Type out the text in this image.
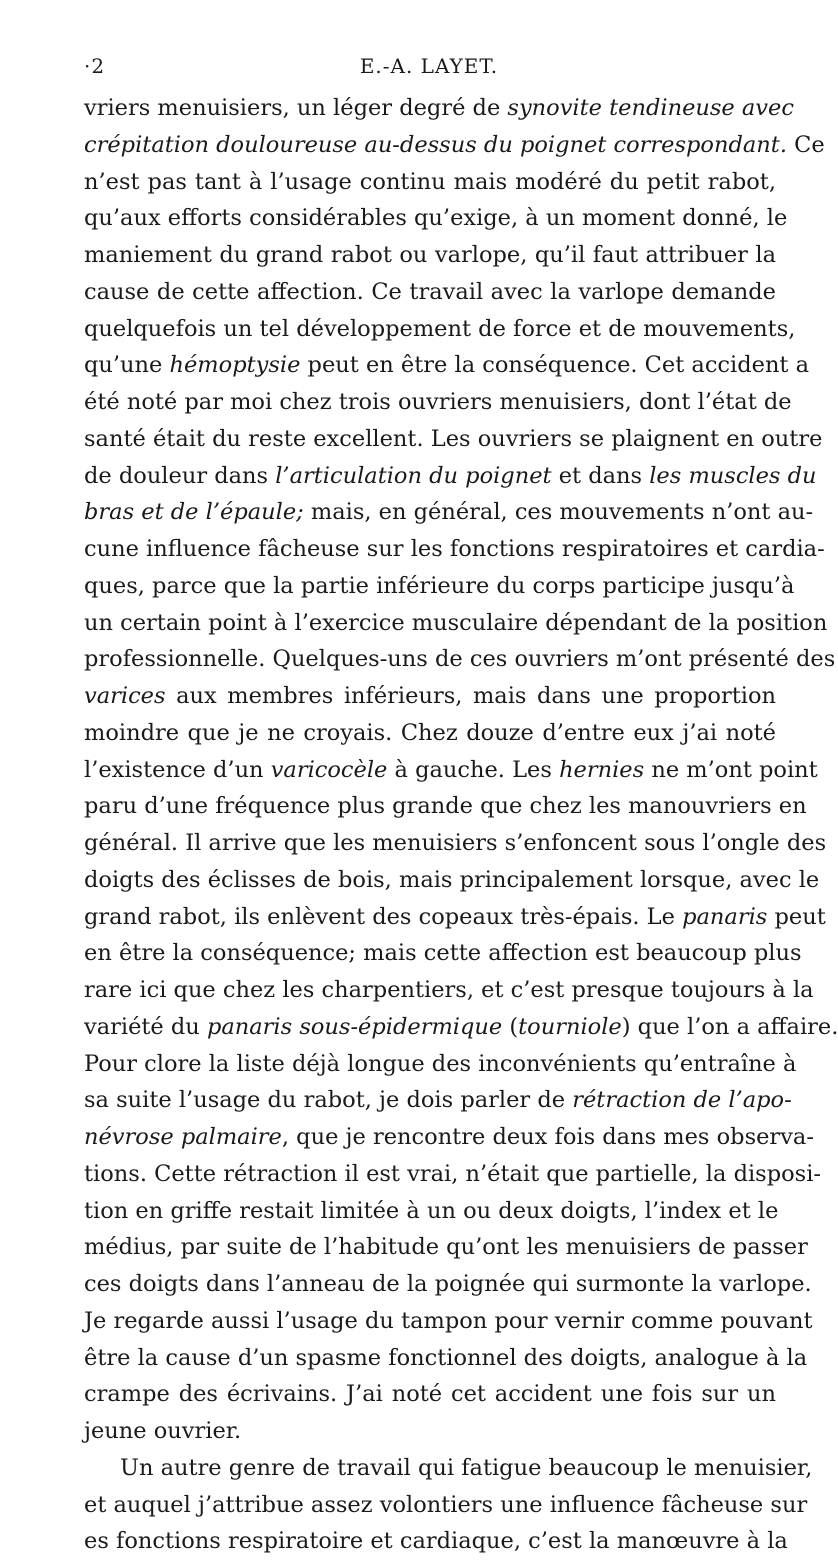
·2	E.-A. LAYET.
vriers menuisiers, un léger degré de synovite tendineuse avec
crépitation douloureuse au-dessus du poignet correspondant. Ce
n’est pas tant à l’usage continu mais modéré du petit rabot,
qu’aux efforts considérables qu’exige, à un moment donné, le
maniement du grand rabot ou varlope, qu’il faut attribuer la
cause de cette affection. Ce travail avec la varlope demande
quelquefois un tel développement de force et de mouvements,
qu’une hémoptysie peut en être la conséquence. Cet accident a
été noté par moi chez trois ouvriers menuisiers, dont l’état de
santé était du reste excellent. Les ouvriers se plaignent en outre
de douleur dans l’articulation du poignet et dans les muscles du
bras et de l’épaule; mais, en général, ces mouvements n’ont au-
cune influence fâcheuse sur les fonctions respiratoires et cardia-
ques, parce que la partie inférieure du corps participe jusqu’à
un certain point à l’exercice musculaire dépendant de la position
professionnelle. Quelques-uns de ces ouvriers m’ont présenté des
varices aux membres inférieurs, mais dans une proportion
moindre que je ne croyais. Chez douze d’entre eux j’ai noté
l’existence d’un varicocèle à gauche. Les hernies ne m’ont point
paru d’une fréquence plus grande que chez les manouvriers en
général. Il arrive que les menuisiers s’enfoncent sous l’ongle des
doigts des éclisses de bois, mais principalement lorsque, avec le
grand rabot, ils enlèvent des copeaux très-épais. Le panaris peut
en être la conséquence; mais cette affection est beaucoup plus
rare ici que chez les charpentiers, et c’est presque toujours à la
variété du panaris sous-épidermique (tourniole) que l’on a affaire.
Pour clore la liste déjà longue des inconvénients qu’entraîne à
sa suite l’usage du rabot, je dois parler de rétraction de l’apo-
névrose palmaire, que je rencontre deux fois dans mes observa-
tions. Cette rétraction il est vrai, n’était que partielle, la disposi-
tion en griffe restait limitée à un ou deux doigts, l’index et le
médius, par suite de l’habitude qu’ont les menuisiers de passer
ces doigts dans l’anneau de la poignée qui surmonte la varlope.
Je regarde aussi l’usage du tampon pour vernir comme pouvant
être la cause d’un spasme fonctionnel des doigts, analogue à la
crampe des écrivains. J’ai noté cet accident une fois sur un
jeune ouvrier.
Un autre genre de travail qui fatigue beaucoup le menuisier,
et auquel j’attribue assez volontiers une influence fâcheuse sur
es fonctions respiratoire et cardiaque, c’est la manœuvre à la
